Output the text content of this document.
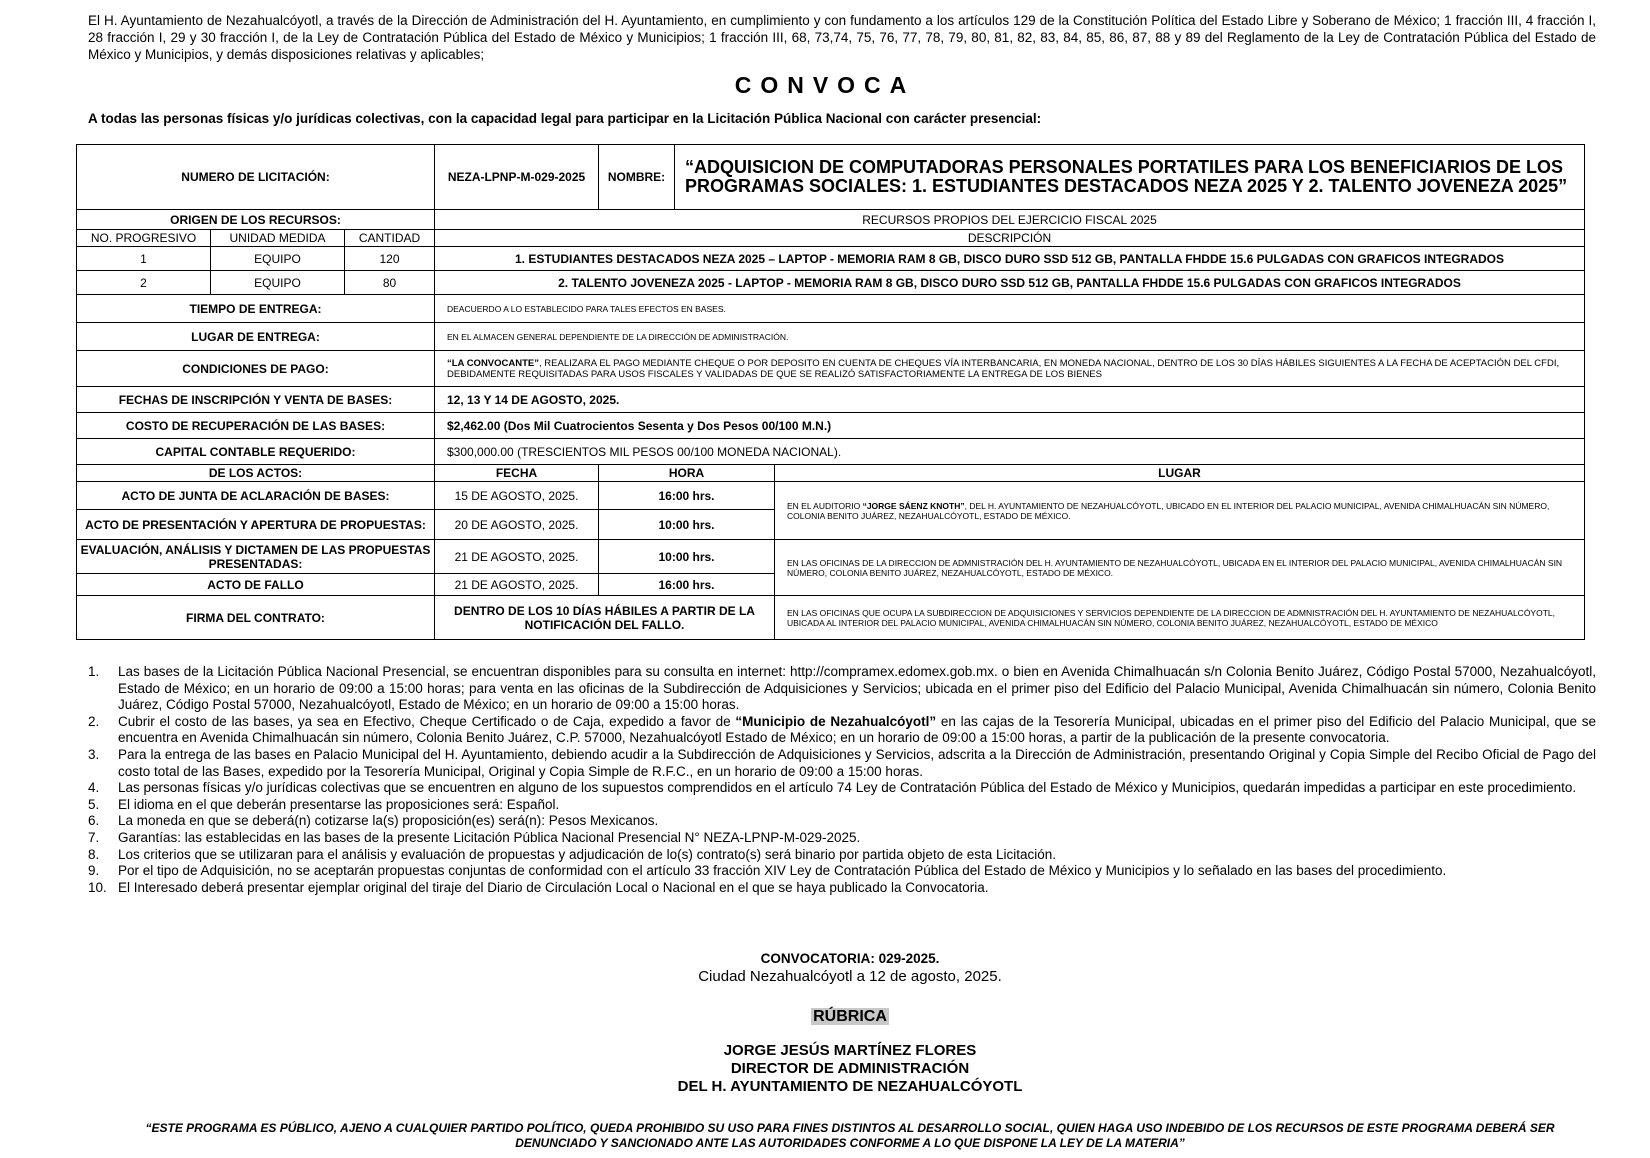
El H. Ayuntamiento de Nezahualcóyotl, a través de la Dirección de Administración del H. Ayuntamiento, en cumplimiento y con fundamento a los artículos 129 de la Constitución Política del Estado Libre y Soberano de México; 1 fracción III, 4 fracción I, 28 fracción I, 29 y 30 fracción I, de la Ley de Contratación Pública del Estado de México y Municipios; 1 fracción III, 68, 73,74, 75, 76, 77, 78, 79, 80, 81, 82, 83, 84, 85, 86, 87, 88 y 89 del Reglamento de la Ley de Contratación Pública del Estado de México y Municipios, y demás disposiciones relativas y aplicables;
CONVOCA
A todas las personas físicas y/o jurídicas colectivas, con la capacidad legal para participar en la Licitación Pública Nacional con carácter presencial:
NUMERO DE LICITACIÓN:			NEZA-LPNP-M-029-2025	NOMBRE:	“ADQUISICION DE COMPUTADORAS PERSONALES PORTATILES PARA LOS BENEFICIARIOS DE LOS PROGRAMAS SOCIALES: 1. ESTUDIANTES DESTACADOS NEZA 2025 Y 2. TALENTO JOVENEZA 2025”	
ORIGEN DE LOS RECURSOS:			RECURSOS PROPIOS DEL EJERCICIO FISCAL 2025			
NO. PROGRESIVO	UNIDAD MEDIDA	CANTIDAD	DESCRIPCIÓN			
1	EQUIPO	120	1. ESTUDIANTES DESTACADOS NEZA 2025 – LAPTOP - MEMORIA RAM 8 GB, DISCO DURO SSD 512 GB, PANTALLA FHDDE 15.6 PULGADAS CON GRAFICOS INTEGRADOS			
2	EQUIPO	80	2. TALENTO JOVENEZA 2025 - LAPTOP - MEMORIA RAM 8 GB, DISCO DURO SSD 512 GB, PANTALLA FHDDE 15.6 PULGADAS CON GRAFICOS INTEGRADOS			
TIEMPO DE ENTREGA:			DEACUERDO A LO ESTABLECIDO PARA TALES EFECTOS EN BASES.			
LUGAR DE ENTREGA:			EN EL ALMACEN GENERAL DEPENDIENTE DE LA DIRECCIÓN DE ADMINISTRACIÓN.			
CONDICIONES DE PAGO:			“LA CONVOCANTE”, REALIZARA EL PAGO MEDIANTE CHEQUE O POR DEPOSITO EN CUENTA DE CHEQUES VÍA INTERBANCARIA, EN MONEDA NACIONAL, DENTRO DE LOS 30 DÍAS HÁBILES SIGUIENTES A LA FECHA DE ACEPTACIÓN DEL CFDI, DEBIDAMENTE REQUISITADAS PARA USOS FISCALES Y VALIDADAS DE QUE SE REALIZÓ SATISFACTORIAMENTE LA ENTREGA DE LOS BIENES			
FECHAS DE INSCRIPCIÓN Y VENTA DE BASES:			12, 13 Y 14 DE AGOSTO, 2025.			
COSTO DE RECUPERACIÓN DE LAS BASES:			$2,462.00 (Dos Mil Cuatrocientos Sesenta y Dos Pesos 00/100 M.N.)			
CAPITAL CONTABLE REQUERIDO:			$300,000.00 (TRESCIENTOS MIL PESOS 00/100 MONEDA NACIONAL).			
DE LOS ACTOS:			FECHA	HORA		LUGAR
ACTO DE JUNTA DE ACLARACIÓN DE BASES:			15 DE AGOSTO, 2025.	16:00 hrs.		EN EL AUDITORIO “JORGE SÁENZ KNOTH”, DEL H. AYUNTAMIENTO DE NEZAHUALCÓYOTL, UBICADO EN EL INTERIOR DEL PALACIO MUNICIPAL, AVENIDA CHIMALHUACÁN SIN NÚMERO, COLONIA BENITO JUÁREZ, NEZAHUALCÓYOTL, ESTADO DE MÉXICO.
ACTO DE PRESENTACIÓN Y APERTURA DE PROPUESTAS:			20 DE AGOSTO, 2025.	10:00 hrs.		
EVALUACIÓN, ANÁLISIS Y DICTAMEN DE LAS PROPUESTAS PRESENTADAS:			21 DE AGOSTO, 2025.	10:00 hrs.		EN LAS OFICINAS DE LA DIRECCION DE ADMNISTRACIÓN DEL H. AYUNTAMIENTO DE NEZAHUALCÓYOTL, UBICADA EN EL INTERIOR DEL PALACIO MUNICIPAL, AVENIDA CHIMALHUACÁN SIN NÚMERO, COLONIA BENITO JUÁREZ, NEZAHUALCÓYOTL, ESTADO DE MÉXICO.
ACTO DE FALLO			21 DE AGOSTO, 2025.	16:00 hrs.		
FIRMA DEL CONTRATO:			DENTRO DE LOS 10 DÍAS HÁBILES A PARTIR DE LA NOTIFICACIÓN DEL FALLO.			EN LAS OFICINAS QUE OCUPA LA SUBDIRECCION DE ADQUISICIONES Y SERVICIOS DEPENDIENTE DE LA DIRECCION DE ADMNISTRACIÓN DEL H. AYUNTAMIENTO DE NEZAHUALCÓYOTL, UBICADA AL INTERIOR DEL PALACIO MUNICIPAL, AVENIDA CHIMALHUACÁN SIN NÚMERO, COLONIA BENITO JUÁREZ, NEZAHUALCÓYOTL, ESTADO DE MÉXICO
1. Las bases de la Licitación Pública Nacional Presencial, se encuentran disponibles para su consulta en internet: http://compramex.edomex.gob.mx. o bien en Avenida Chimalhuacán s/n Colonia Benito Juárez, Código Postal 57000, Nezahualcóyotl, Estado de México; en un horario de 09:00 a 15:00 horas; para venta en las oficinas de la Subdirección de Adquisiciones y Servicios; ubicada en el primer piso del Edificio del Palacio Municipal, Avenida Chimalhuacán sin número, Colonia Benito Juárez, Código Postal 57000, Nezahualcóyotl, Estado de México; en un horario de 09:00 a 15:00 horas.
2. Cubrir el costo de las bases, ya sea en Efectivo, Cheque Certificado o de Caja, expedido a favor de “Municipio de Nezahualcóyotl” en las cajas de la Tesorería Municipal, ubicadas en el primer piso del Edificio del Palacio Municipal, que se encuentra en Avenida Chimalhuacán sin número, Colonia Benito Juárez, C.P. 57000, Nezahualcóyotl Estado de México; en un horario de 09:00 a 15:00 horas, a partir de la publicación de la presente convocatoria.
3. Para la entrega de las bases en Palacio Municipal del H. Ayuntamiento, debiendo acudir a la Subdirección de Adquisiciones y Servicios, adscrita a la Dirección de Administración, presentando Original y Copia Simple del Recibo Oficial de Pago del costo total de las Bases, expedido por la Tesorería Municipal, Original y Copia Simple de R.F.C., en un horario de 09:00 a 15:00 horas.
4. Las personas físicas y/o jurídicas colectivas que se encuentren en alguno de los supuestos comprendidos en el artículo 74 Ley de Contratación Pública del Estado de México y Municipios, quedarán impedidas a participar en este procedimiento.
5. El idioma en el que deberán presentarse las proposiciones será: Español.
6. La moneda en que se deberá(n) cotizarse la(s) proposición(es) será(n): Pesos Mexicanos.
7. Garantías: las establecidas en las bases de la presente Licitación Pública Nacional Presencial N° NEZA-LPNP-M-029-2025.
8. Los criterios que se utilizaran para el análisis y evaluación de propuestas y adjudicación de lo(s) contrato(s) será binario por partida objeto de esta Licitación.
9. Por el tipo de Adquisición, no se aceptarán propuestas conjuntas de conformidad con el artículo 33 fracción XIV Ley de Contratación Pública del Estado de México y Municipios y lo señalado en las bases del procedimiento.
10. El Interesado deberá presentar ejemplar original del tiraje del Diario de Circulación Local o Nacional en el que se haya publicado la Convocatoria.
CONVOCATORIA: 029-2025.
Ciudad Nezahualcóyotl a 12 de agosto, 2025.
RÚBRICA
JORGE JESÚS MARTÍNEZ FLORES
DIRECTOR DE ADMINISTRACIÓN
DEL H. AYUNTAMIENTO DE NEZAHUALCÓYOTL
“ESTE PROGRAMA ES PÚBLICO, AJENO A CUALQUIER PARTIDO POLÍTICO, QUEDA PROHIBIDO SU USO PARA FINES DISTINTOS AL DESARROLLO SOCIAL, QUIEN HAGA USO INDEBIDO DE LOS RECURSOS DE ESTE PROGRAMA DEBERÁ SER DENUNCIADO Y SANCIONADO ANTE LAS AUTORIDADES CONFORME A LO QUE DISPONE LA LEY DE LA MATERIA”
